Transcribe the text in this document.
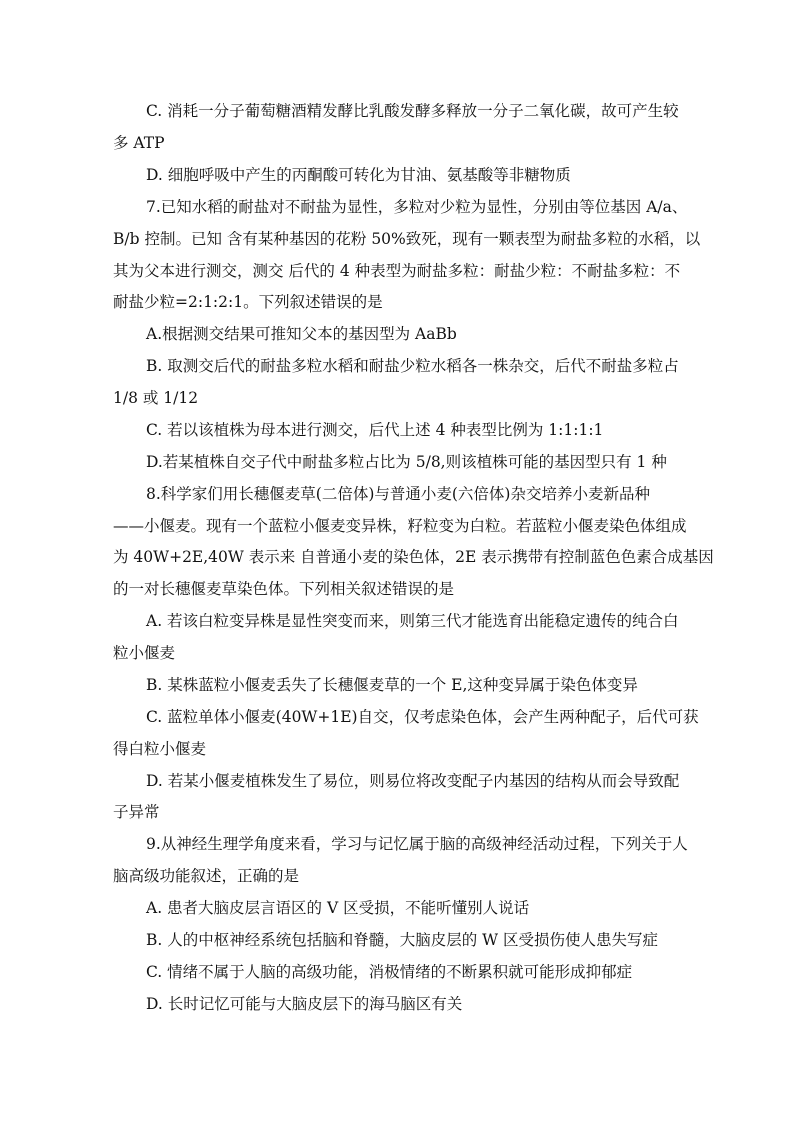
C. 消耗一分子葡萄糖酒精发酵比乳酸发酵多释放一分子二氧化碳，故可产生较
多 ATP
D. 细胞呼吸中产生的丙酮酸可转化为甘油、氨基酸等非糖物质
7.已知水稻的耐盐对不耐盐为显性，多粒对少粒为显性，分别由等位基因 A/a、
B/b 控制。已知 含有某种基因的花粉 50%致死，现有一颗表型为耐盐多粒的水稻，以
其为父本进行测交，测交 后代的 4 种表型为耐盐多粒：耐盐少粒：不耐盐多粒：不
耐盐少粒=2:1:2:1。下列叙述错误的是
A.根据测交结果可推知父本的基因型为 AaBb
B. 取测交后代的耐盐多粒水稻和耐盐少粒水稻各一株杂交，后代不耐盐多粒占
1/8 或 1/12
C. 若以该植株为母本进行测交，后代上述 4 种表型比例为 1:1:1:1
D.若某植株自交子代中耐盐多粒占比为 5/8,则该植株可能的基因型只有 1 种
8.科学家们用长穗偃麦草(二倍体)与普通小麦(六倍体)杂交培养小麦新品种
——小偃麦。现有一个蓝粒小偃麦变异株，籽粒变为白粒。若蓝粒小偃麦染色体组成
为 40W+2E,40W 表示来 自普通小麦的染色体，2E 表示携带有控制蓝色色素合成基因
的一对长穗偃麦草染色体。下列相关叙述错误的是
A. 若该白粒变异株是显性突变而来，则第三代才能选育出能稳定遗传的纯合白
粒小偃麦
B. 某株蓝粒小偃麦丢失了长穗偃麦草的一个 E,这种变异属于染色体变异
C. 蓝粒单体小偃麦(40W+1E)自交，仅考虑染色体，会产生两种配子，后代可获
得白粒小偃麦
D. 若某小偃麦植株发生了易位，则易位将改变配子内基因的结构从而会导致配
子异常
9.从神经生理学角度来看，学习与记忆属于脑的高级神经活动过程，下列关于人
脑高级功能叙述，正确的是
A. 患者大脑皮层言语区的 V 区受损，不能听懂别人说话
B. 人的中枢神经系统包括脑和脊髓，大脑皮层的 W 区受损伤使人患失写症
C. 情绪不属于人脑的高级功能，消极情绪的不断累积就可能形成抑郁症
D. 长时记忆可能与大脑皮层下的海马脑区有关
